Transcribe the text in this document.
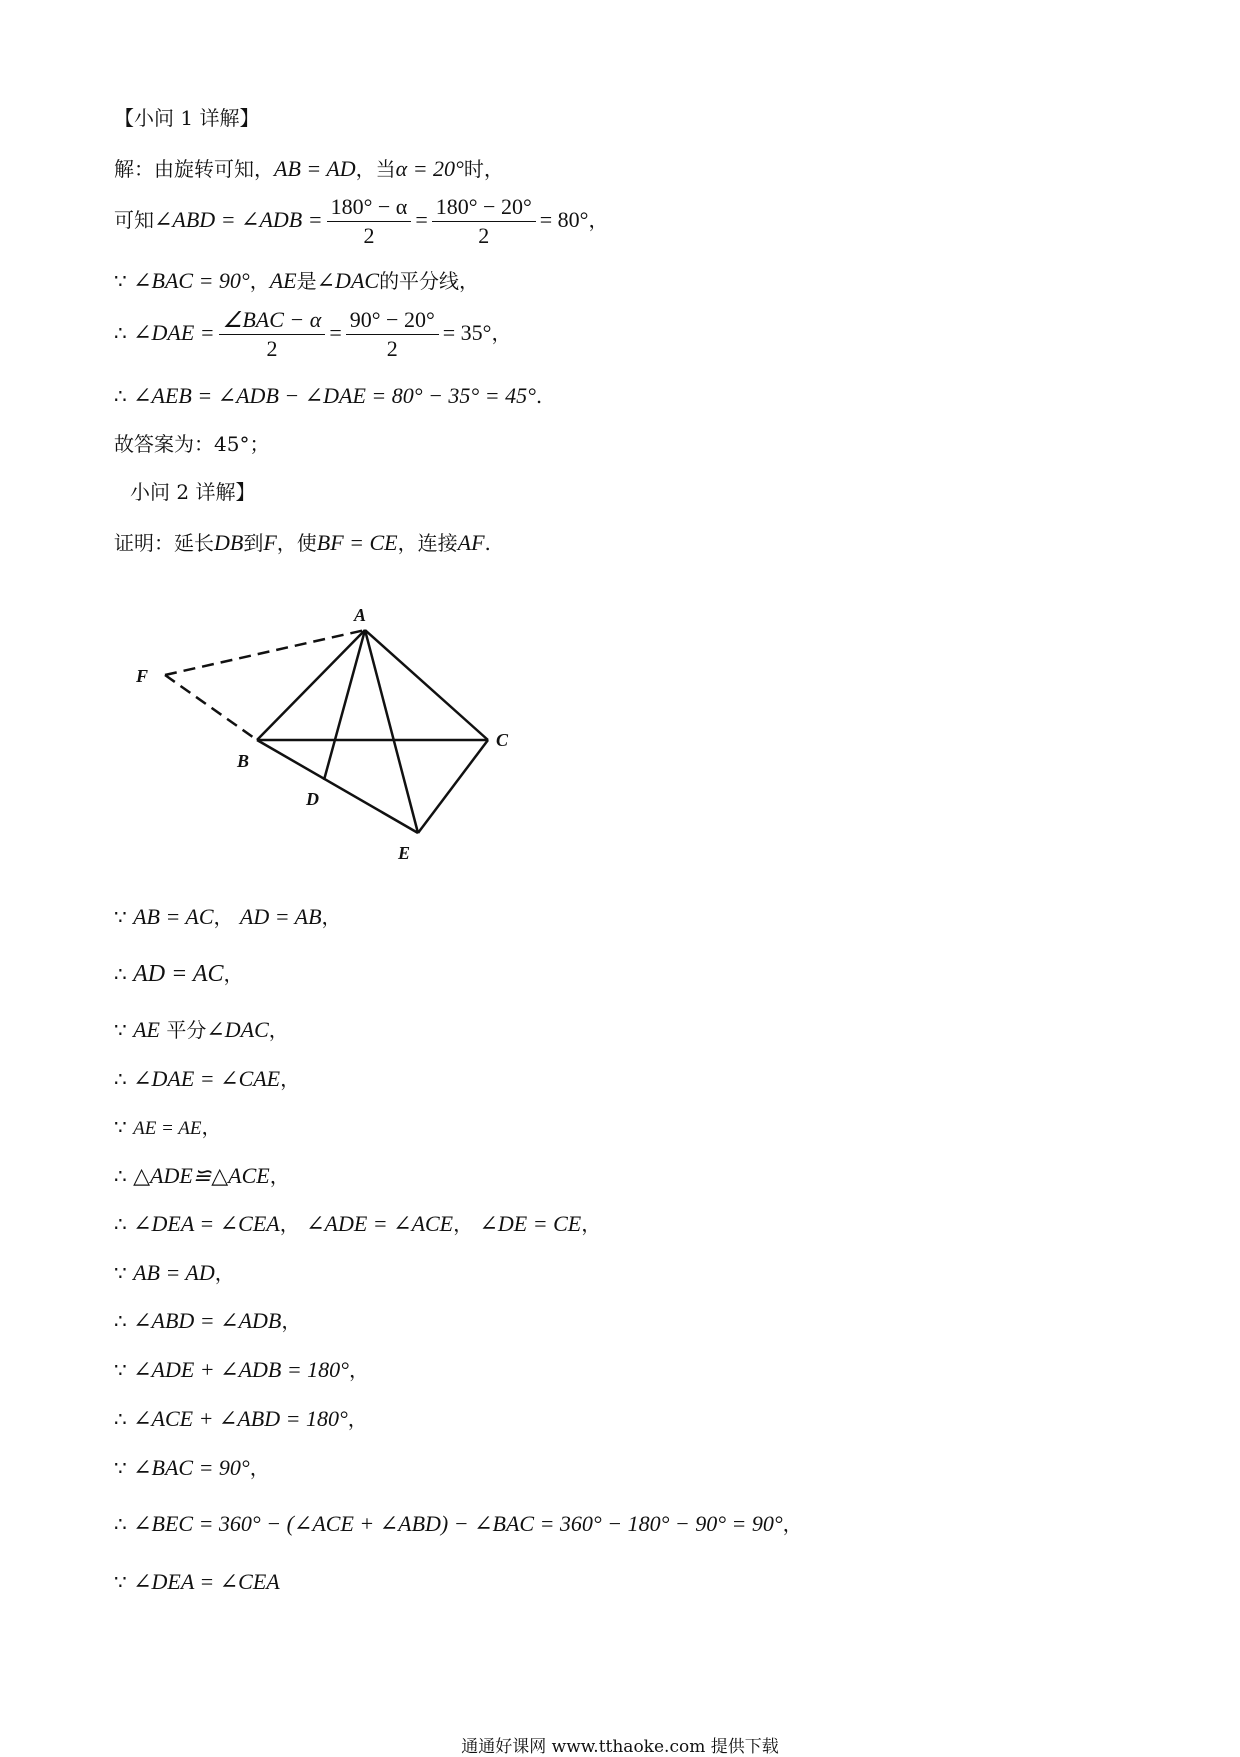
【小问 1 详解】
解：由旋转可知，AB = AD，当α = 20°时，
可知∠ABD = ∠ADB = $\frac{180^\circ - \alpha}{2} = \frac{180^\circ - 20^\circ}{2} = 80^\circ$，
∵ ∠BAC = 90°，AE是∠DAC的平分线，
∴ ∠DAE = $\frac{\text{∠BAC − α}}{2} = \frac{90^\circ - 20^\circ}{2} = 35^\circ$，
∴ ∠AEB = ∠ADB − ∠DAE = 80° − 35° = 45°.
故答案为：45°；
小问 2 详解】
证明：延长DB到F，使BF = CE，连接AF.
A
B
C
D
E
F
∵ AB = AC， AD = AB，
∴ AD = AC，
∵ AE 平分∠DAC，
∴ ∠DAE = ∠CAE，
∵ AE = AE，
∴ △ADE≌△ACE，
∴ ∠DEA = ∠CEA， ∠ADE = ∠ACE， ∠DE = CE，
∵ AB = AD，
∴ ∠ABD = ∠ADB，
∵ ∠ADE + ∠ADB = 180°，
∴ ∠ACE + ∠ABD = 180°，
∵ ∠BAC = 90°，
∴ ∠BEC = 360° − (∠ACE + ∠ABD) − ∠BAC = 360° − 180° − 90° = 90°，
∵ ∠DEA = ∠CEA
通通好课网 www.tthaoke.com 提供下载
